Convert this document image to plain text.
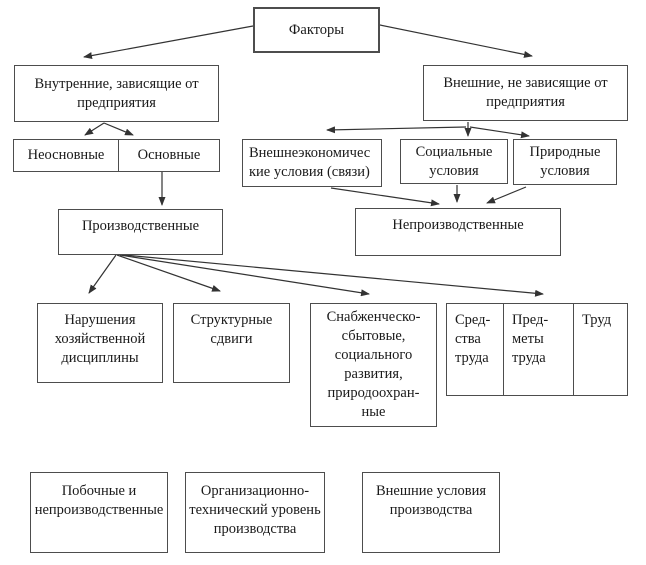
Факторы
Внутренние, зависящие от
предприятия
Внешние, не зависящие от
предприятия
Неосновные Основные	Внешнеэкономичес
кие условия (связи)
Социальные
условия
Природные
условия
Производственные	Непроизводственные
Нарушения
хозяйственной
дисциплины
Структурные
сдвиги
Снабженческо-
сбытовые,
социального
развития,
природоохран-
ные
Сред-
ства
труда
Пред-
меты
труда
Труд
Побочные и
непроизводственные
Организационно-
технический уровень
производства
Внешние условия
производства
